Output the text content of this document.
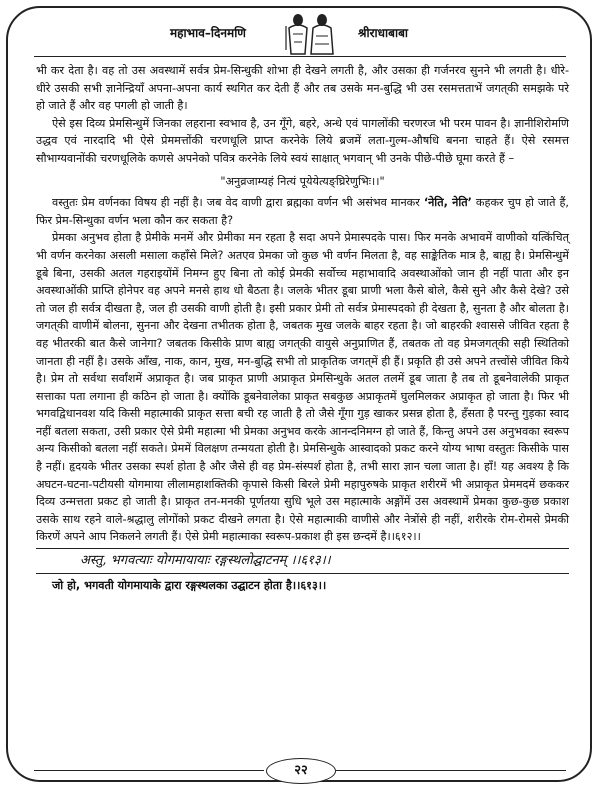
महाभाव–दिनमणि	श्रीराधाबाबा

भी कर देता है। वह तो उस अवस्थामें सर्वत्र प्रेम-सिन्धुकी शोभा ही देखने लगती है, और उसका ही गर्जनरव सुनने भी लगती है। धीरे-धीरे उसकी सभी ज्ञानेन्द्रियाँ अपना-अपना कार्य स्थगित कर देती हैं और तब उसके मन-बुद्धि भी उस रसमत्तताभें जगत्‌की समझके परे हो जाते हैं और वह पगली हो जाती है।

ऐसे इस दिव्य प्रेमसिन्धुमें जिनका लहराना स्वभाव है, उन गूँगे, बहरे, अन्धे एवं पागलोंकी चरणरज भी परम पावन है। ज्ञानीशिरोमणि उद्धव एवं नारदादि भी ऐसे प्रेममत्तोंकी चरणधूलि प्राप्त करनेके लिये ब्रजमें लता-गुल्म-औषधि बनना चाहते हैं। ऐसे रसमत्त सौभाग्यवानोंकी चरणधूलिके कणसे अपनेको पवित्र करनेके लिये स्वयं साक्षात्‌ भगवान्‌ भी उनके पीछे-पीछे घूमा करते हैं –

"अनुव्रजाम्यहं नित्यं पूयेयेत्यङ्घ्रिरेणुभिः।।"

वस्तुतः प्रेम वर्णनका विषय ही नहीं है। जब वेद वाणी द्वारा ब्रह्मका वर्णन भी असंभव मानकर ‘नेति, नेति’ कहकर चुप हो जाते हैं, फिर प्रेम-सिन्धुका वर्णन भला कौन कर सकता है?

प्रेमका अनुभव होता है प्रेमीके मनमें और प्रेमीका मन रहता है सदा अपने प्रेमास्पदके पास। फिर मनके अभावमें वाणीको यत्किंचित्‌ भी वर्णन करनेका असली मसाला कहाँसे मिले? अतएव प्रेमका जो कुछ भी वर्णन मिलता है, वह साङ्केतिक मात्र है, बाह्य है। प्रेमसिन्धुमें डूबे बिना, उसकी अतल गहराइयोंमें निमग्न हुए बिना तो कोई प्रेमकी सर्वोच्च महाभावादि अवस्थाओंको जान ही नहीं पाता और इन अवस्थाओंकी प्राप्ति होनेपर वह अपने मनसे हाथ धो बैठता है। जलके भीतर डूबा प्राणी भला कैसे बोले, कैसे सुने और कैसे देखे? उसे तो जल ही सर्वत्र दीखता है, जल ही उसकी वाणी होती है। इसी प्रकार प्रेमी तो सर्वत्र प्रेमास्पदको ही देखता है, सुनता है और बोलता है। जगत्‌की वाणीमें बोलना, सुनना और देखना तभीतक होता है, जबतक मुख जलके बाहर रहता है। जो बाहरकी श्वाससे जीवित रहता है वह भीतरकी बात कैसे जानेगा? जबतक किसीके प्राण बाह्य जगत्‌की वायुसे अनुप्राणित हैं, तबतक तो वह प्रेमजगत्‌की सही स्थितिको जानता ही नहीं है। उसके आँख, नाक, कान, मुख, मन-बुद्धि सभी तो प्राकृतिक जगत्‌में ही हैं। प्रकृति ही उसे अपने तत्त्वोंसे जीवित किये है। प्रेम तो सर्वथा सर्वांशमें अप्राकृत है। जब प्राकृत प्राणी अप्राकृत प्रेमसिन्धुके अतल तलमें डूब जाता है तब तो डूबनेवालेकी प्राकृत सत्ताका पता लगाना ही कठिन हो जाता है। क्योंकि डूबनेवालेका प्राकृत सबकुछ अप्राकृतमें घुलमिलकर अप्राकृत हो जाता है। फिर भी भगवद्विधानवश यदि किसी महात्माकी प्राकृत सत्ता बची रह जाती है तो जैसे गूँगा गुड़ खाकर प्रसन्न होता है, हँसता है परन्तु गुड़का स्वाद नहीं बतला सकता, उसी प्रकार ऐसे प्रेमी महात्मा भी प्रेमका अनुभव करके आनन्दनिमग्न हो जाते हैं, किन्तु अपने उस अनुभवका स्वरूप अन्य किसीको बतला नहीं सकते। प्रेममें विलक्षण तन्मयता होती है। प्रेमसिन्धुके आस्वादको प्रकट करने योग्य भाषा वस्तुतः किसीके पास है नहीं। हृदयके भीतर उसका स्पर्श होता है और जैसे ही वह प्रेम-संस्पर्श होता है, तभी सारा ज्ञान चला जाता है। हाँ! यह अवश्य है कि अघटन-घटना-पटीयसी योगमाया लीलामहाशक्तिकी कृपासे किसी बिरले प्रेमी महापुरुषके प्राकृत शरीरमें भी अप्राकृत प्रेममदमें छककर दिव्य उन्मत्तता प्रकट हो जाती है। प्राकृत तन-मनकी पूर्णतया सुधि भूले उस महात्माके अङ्गोंमें उस अवस्थामें प्रेमका कुछ-कुछ प्रकाश उसके साथ रहने वाले-श्रद्धालु लोगोंको प्रकट दीखने लगता है। ऐसे महात्माकी वाणीसे और नेत्रोंसे ही नहीं, शरीरके रोम-रोमसे प्रेमकी किरणें अपने आप निकलने लगती हैं। ऐसे प्रेमी महात्माका स्वरूप-प्रकाश ही इस छन्दमें है।।६१२।।

अस्तु, भगवत्याः योगमायायाः रङ्गस्थलोद्घाटनम्‌ ।।६१३।।
जो हो, भगवती योगमायाके द्वारा रङ्गस्थलका उद्घाटन होता है।।६१३।।
२२
